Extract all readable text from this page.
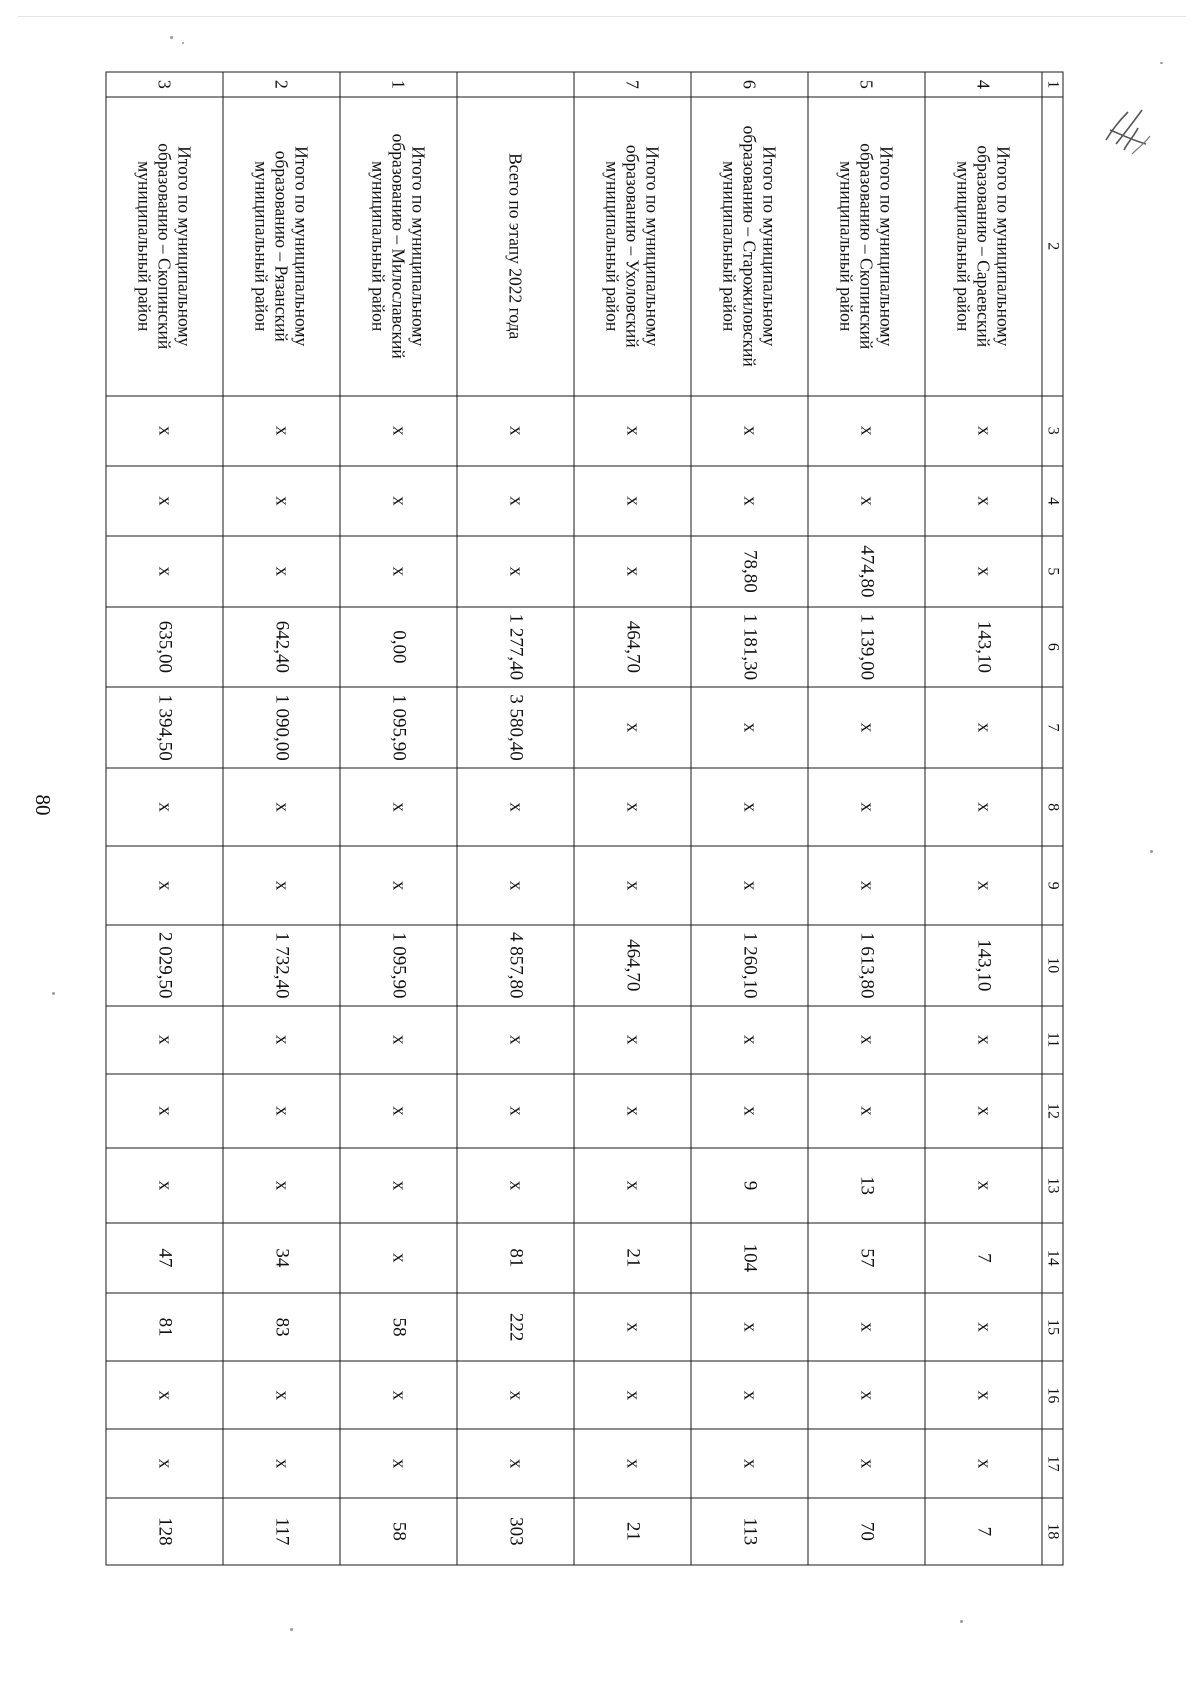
80
1	2	3	4	5	6	7	8	9	10	11	12	13	14	15	16	17	18
4	Итого по муниципальному образованию – Сараевский муниципальный район	x	x	x	143,10	x	x	x	143,10	x	x	x	7	x	x	x	7
5	Итого по муниципальному образованию – Скопинский муниципальный район	x	x	474,80	1 139,00	x	x	x	1 613,80	x	x	13	57	x	x	x	70
6	Итого по муниципальному образованию – Старожиловский муниципальный район	x	x	78,80	1 181,30	x	x	x	1 260,10	x	x	9	104	x	x	x	113
7	Итого по муниципальному образованию – Ухоловский муниципальный район	x	x	x	464,70	x	x	x	464,70	x	x	x	21	x	x	x	21
	Всего по этапу 2022 года	x	x	x	1 277,40	3 580,40	x	x	4 857,80	x	x	x	81	222	x	x	303
1	Итого по муниципальному образованию – Милославский муниципальный район	x	x	x	0,00	1 095,90	x	x	1 095,90	x	x	x	x	58	x	x	58
2	Итого по муниципальному образованию – Рязанский муниципальный район	x	x	x	642,40	1 090,00	x	x	1 732,40	x	x	x	34	83	x	x	117
3	Итого по муниципальному образованию – Скопинский муниципальный район	x	x	x	635,00	1 394,50	x	x	2 029,50	x	x	x	47	81	x	x	128
